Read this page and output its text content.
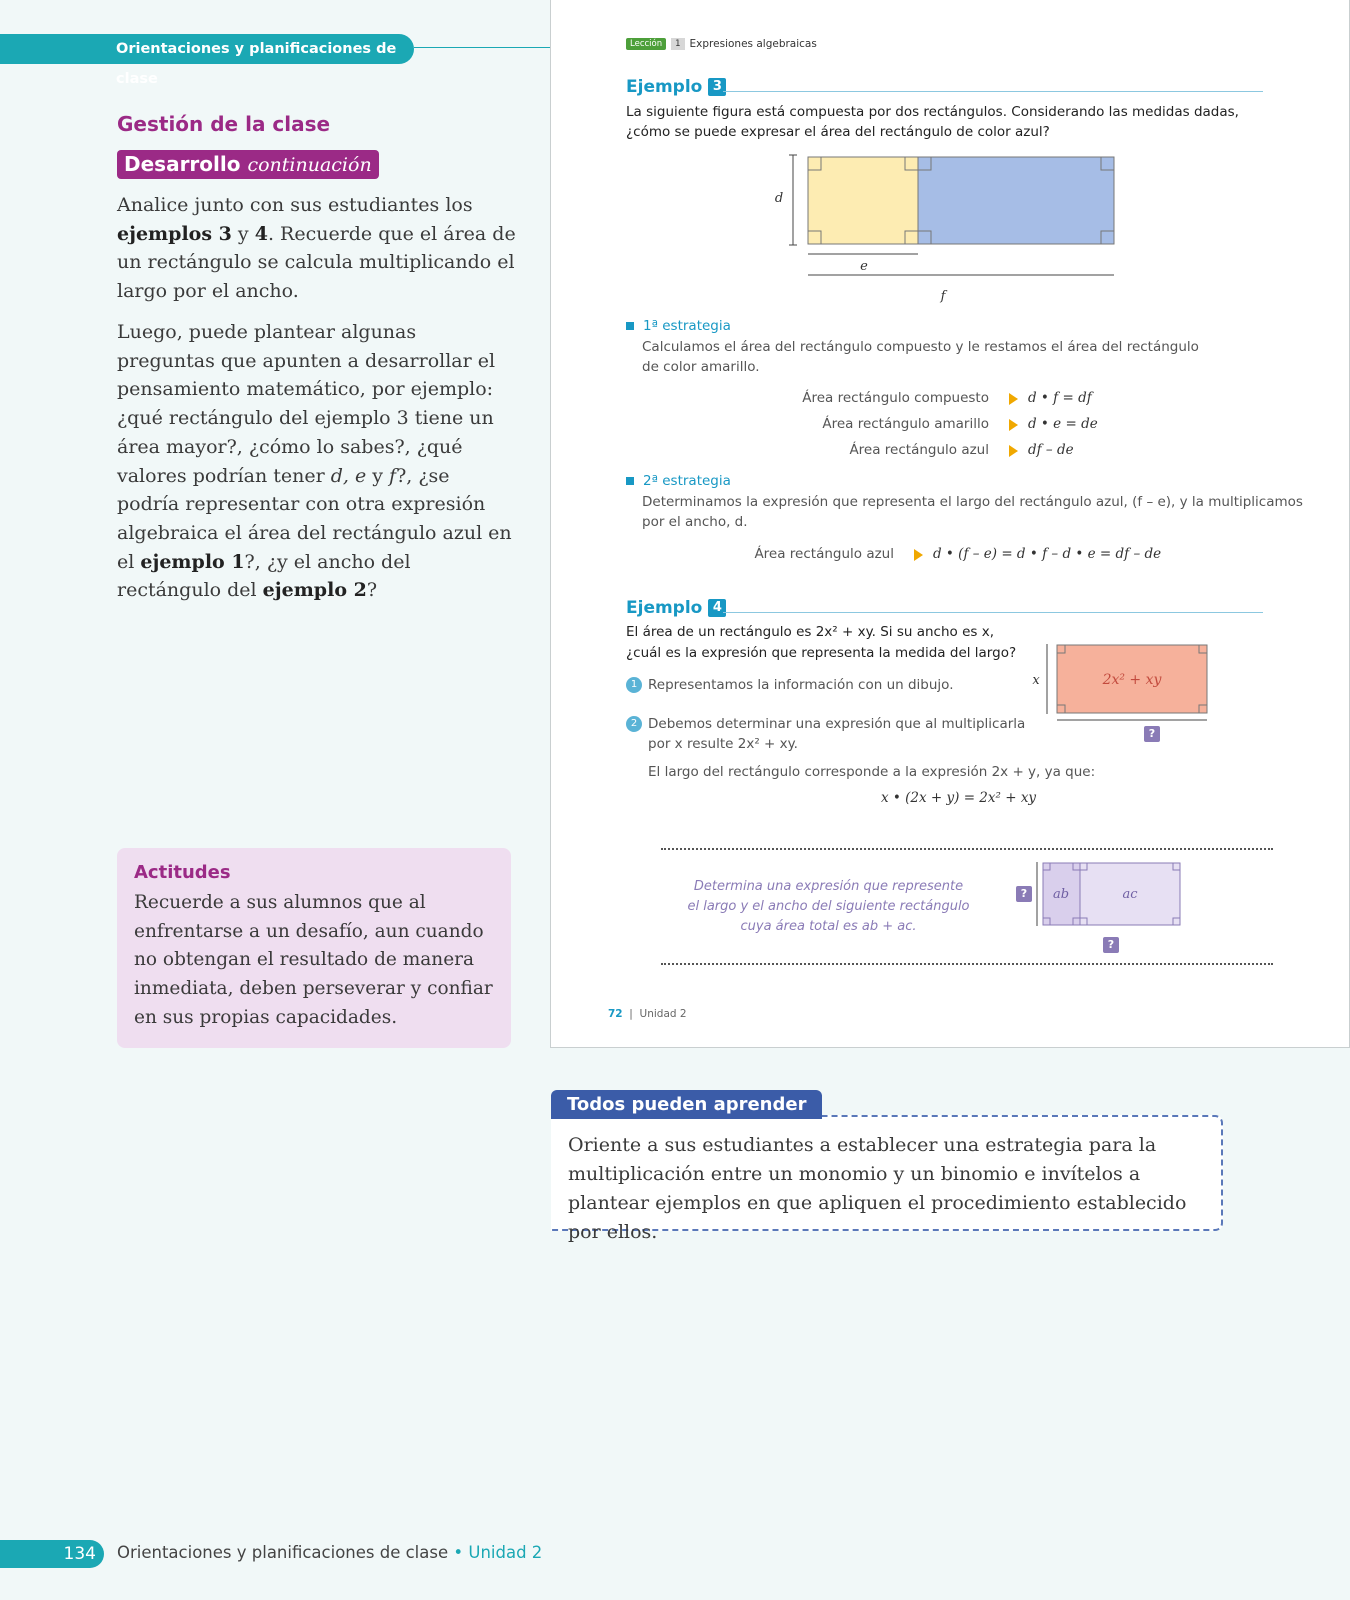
Orientaciones y planificaciones de clase
Gestión de la clase
Desarrollo continuación
Analice junto con sus estudiantes los ejemplos 3 y 4. Recuerde que el área de un rectángulo se calcula multiplicando el largo por el ancho.
Luego, puede plantear algunas preguntas que apunten a desarrollar el pensamiento matemático, por ejemplo: ¿qué rectángulo del ejemplo 3 tiene un área mayor?, ¿cómo lo sabes?, ¿qué valores podrían tener d, e y f?, ¿se podría representar con otra expresión algebraica el área del rectángulo azul en el ejemplo 1?, ¿y el ancho del rectángulo del ejemplo 2?
Actitudes
Recuerde a sus alumnos que al enfrentarse a un desafío, aun cuando no obtengan el resultado de manera inmediata, deben perseverar y confiar en sus propias capacidades.
Lección	1 Expresiones algebraicas
Ejemplo 3
La siguiente figura está compuesta por dos rectángulos. Considerando las medidas dadas,
¿cómo se puede expresar el área del rectángulo de color azul?
d
e
f
1ª estrategia
Calculamos el área del rectángulo compuesto y le restamos el área del rectángulo
de color amarillo.
Área rectángulo compuesto	d • f = df
Área rectángulo amarillo	d • e = de
Área rectángulo azul	df – de
2ª estrategia
Determinamos la expresión que representa el largo del rectángulo azul, (f – e), y la multiplicamos
por el ancho, d.
Área rectángulo azul	d • (f – e) = d • f – d • e = df – de
Ejemplo 4
El área de un rectángulo es 2x² + xy. Si su ancho es x,
¿cuál es la expresión que representa la medida del largo?
1 Representamos la información con un dibujo.
2 Debemos determinar una expresión que al multiplicarla
por x resulte 2x² + xy.
El largo del rectángulo corresponde a la expresión 2x + y, ya que:
x • (2x + y) = 2x² + xy
x	2x² + xy
?
Determina una expresión que represente
el largo y el ancho del siguiente rectángulo
cuya área total es ab + ac.
?	ab	ac
?
72  |  Unidad 2
Oriente a sus estudiantes a establecer una estrategia para la multiplicación entre un monomio y un binomio e invítelos a plantear ejemplos en que apliquen el procedimiento establecido por ellos.
Todos pueden aprender
134	Orientaciones y planificaciones de clase • Unidad 2
